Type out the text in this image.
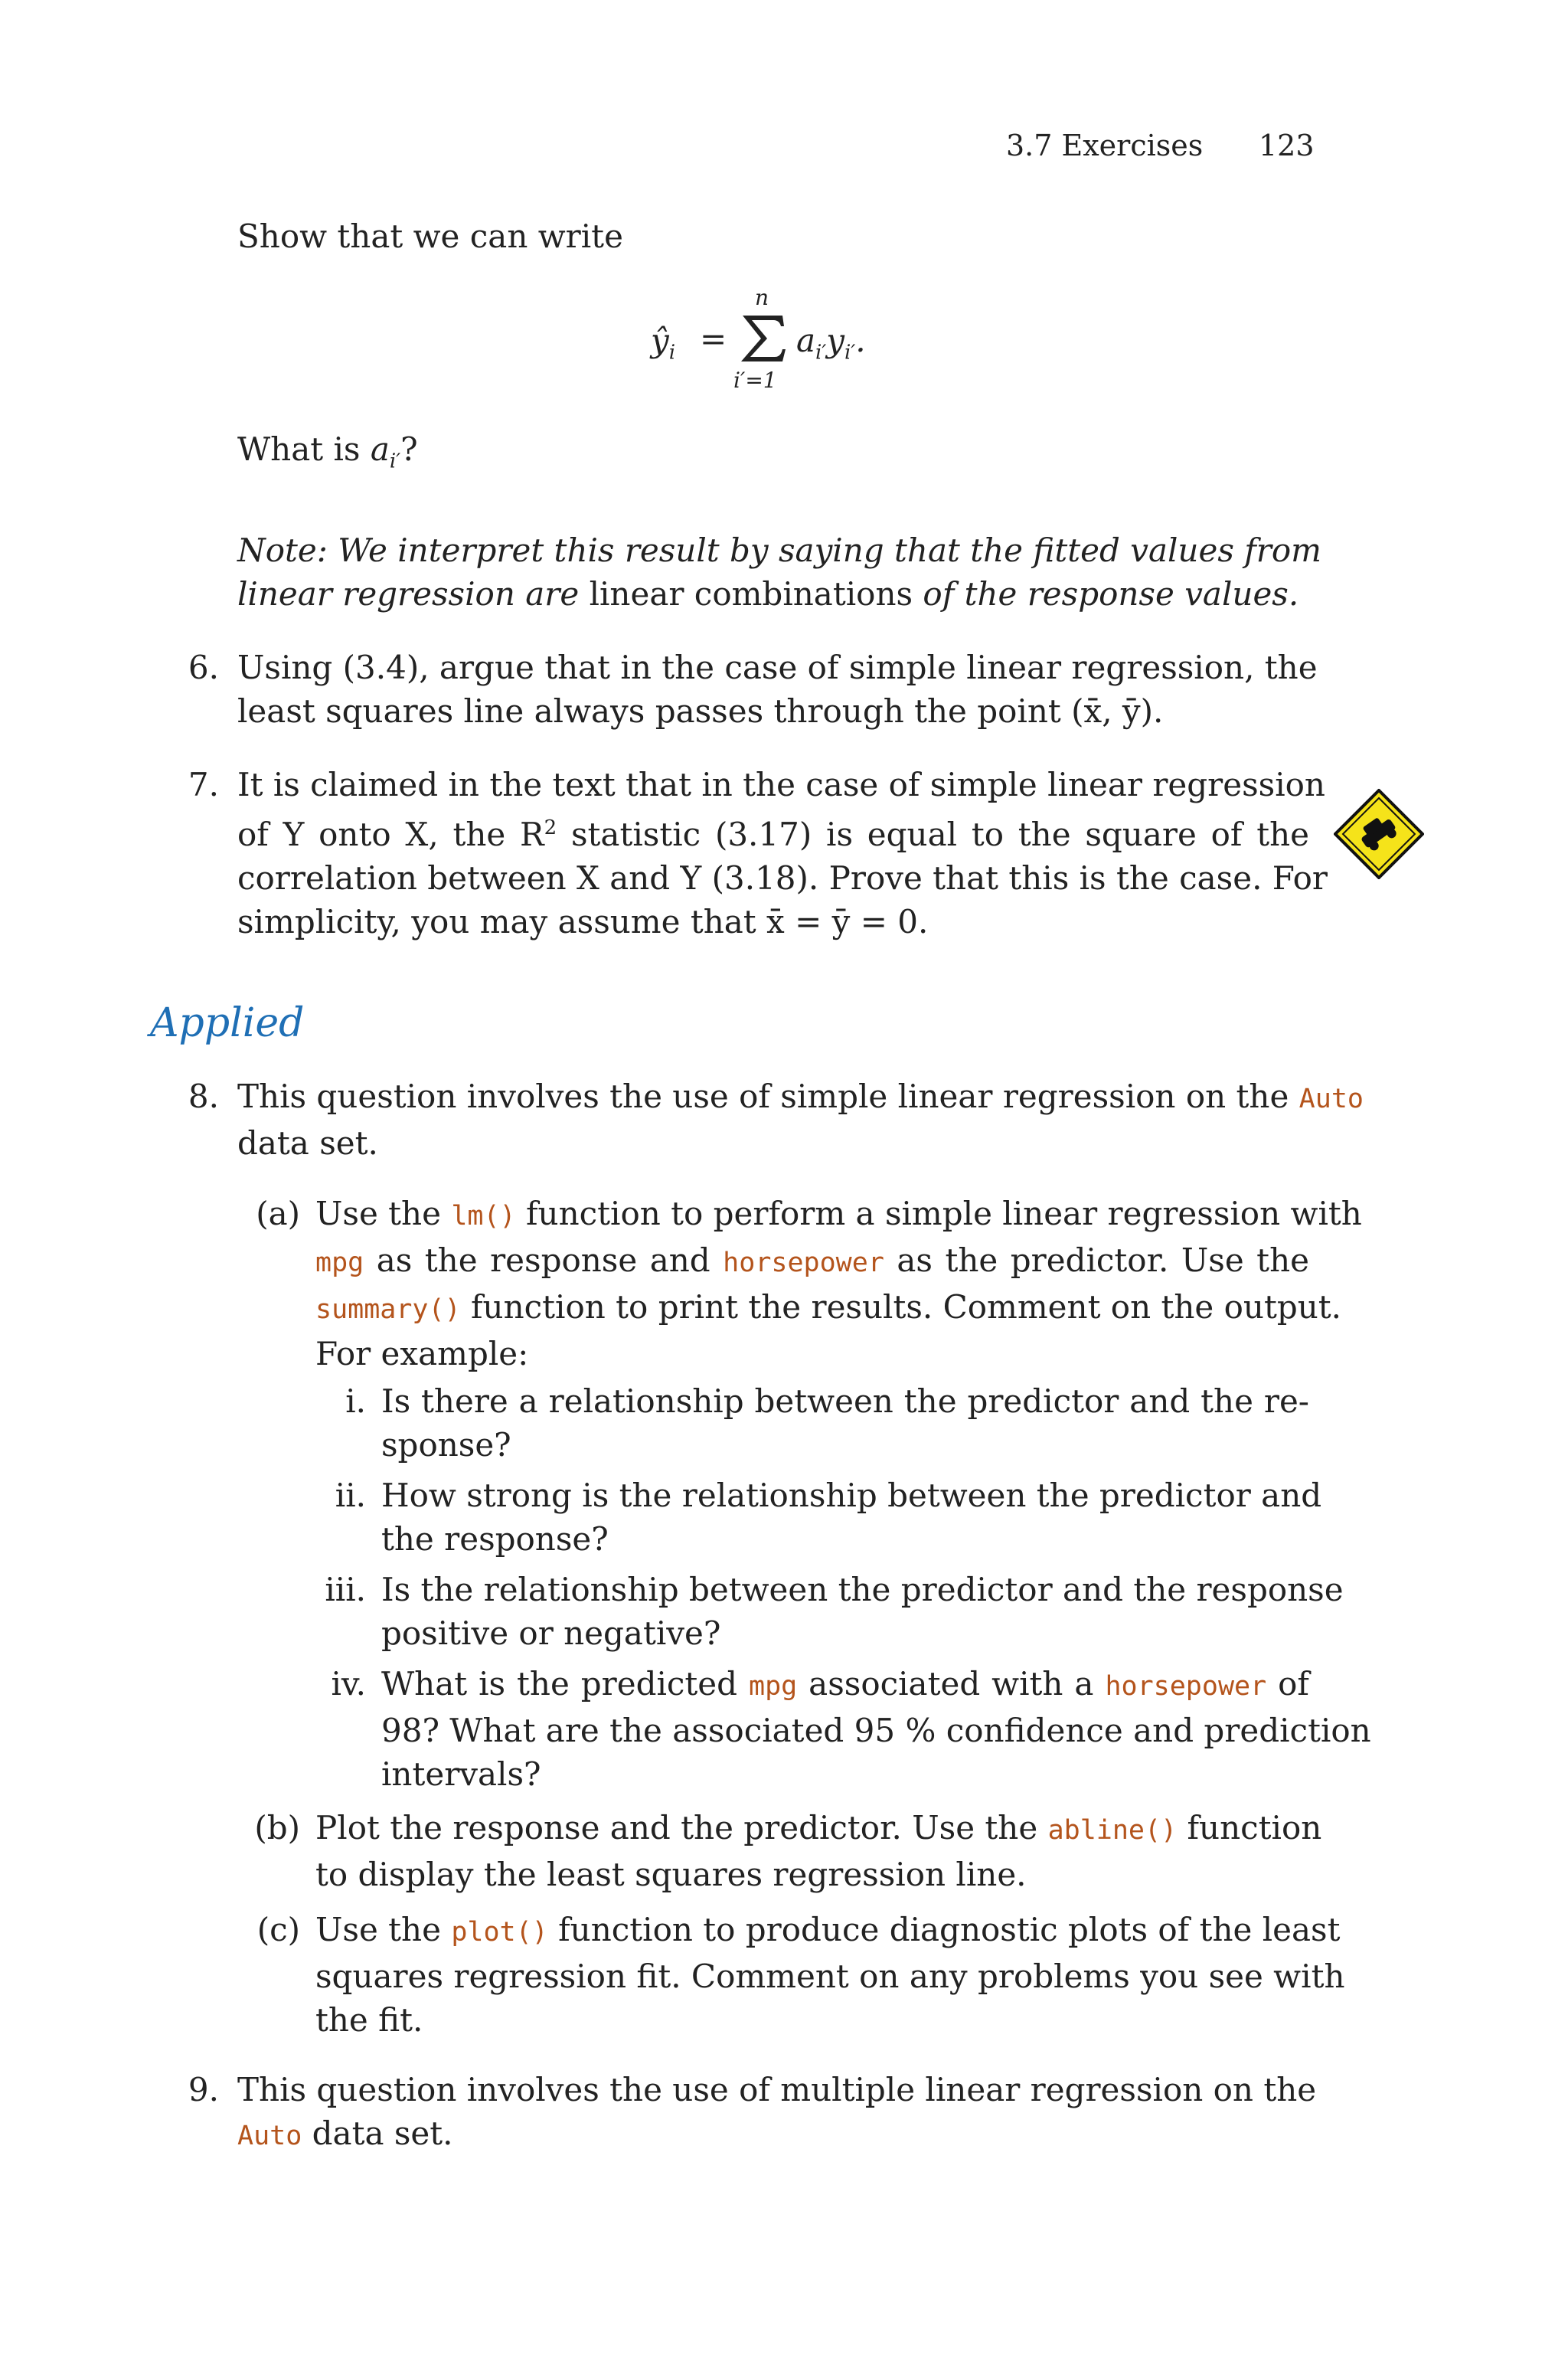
3.7 Exercises 123
Show that we can write
$ŷ_i$ =
n
i′=1
$a_{i'}y_{i'}$.
What is $a_{i'}$?
Note: We interpret this result by saying that the fitted values from
linear regression are linear combinations of the response values.
6. Using (3.4), argue that in the case of simple linear regression, the
least squares line always passes through the point (x̄, ȳ).
7. It is claimed in the text that in the case of simple linear regression
of Y onto X, the $R^2$ statistic (3.17) is equal to the square of the
correlation between X and Y (3.18). Prove that this is the case. For
simplicity, you may assume that x̄ = ȳ = 0.
Applied
8. This question involves the use of simple linear regression on the Auto
data set.
(a) Use the lm() function to perform a simple linear regression with
mpg as the response and horsepower as the predictor. Use the
summary() function to print the results. Comment on the output.
For example:
i. Is there a relationship between the predictor and the re-
sponse?
ii. How strong is the relationship between the predictor and
the response?
iii. Is the relationship between the predictor and the response
positive or negative?
iv. What is the predicted mpg associated with a horsepower of
98? What are the associated 95 % confidence and prediction
intervals?
(b) Plot the response and the predictor. Use the abline() function
to display the least squares regression line.
(c) Use the plot() function to produce diagnostic plots of the least
squares regression fit. Comment on any problems you see with
the fit.
9. This question involves the use of multiple linear regression on the
Auto data set.
